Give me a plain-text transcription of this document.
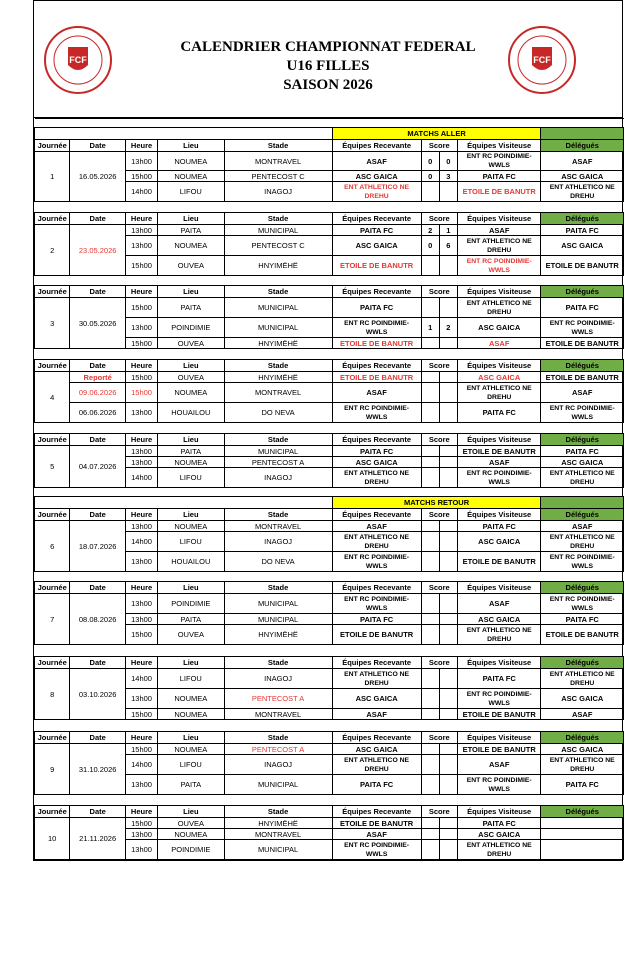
FCF
CALENDRIER CHAMPIONNAT FEDERAL
U16 FILLES
SAISON 2026
FCF

					MATCHS ALLER				
Journée	Date	Heure	Lieu	Stade	Équipes Recevante	Score		Équipes Visiteuse	Délégués
1	16.05.2026	13h00	NOUMEA	MONTRAVEL	ASAF	0	0	ENT RC POINDIMIE-WWLS	ASAF
		15h00	NOUMEA	PENTECOST C	ASC GAICA	0	3	PAITA FC	ASC GAICA
		14h00	LIFOU	INAGOJ	ENT ATHLETICO NE DREHU			ETOILE DE BANUTR	ENT ATHLETICO NE DREHU

Journée	Date	Heure	Lieu	Stade	Équipes Recevante	Score		Équipes Visiteuse	Délégués
2	23.05.2026	13h00	PAITA	MUNICIPAL	PAITA FC	2	1	ASAF	PAITA FC
		13h00	NOUMEA	PENTECOST C	ASC GAICA	0	6	ENT ATHLETICO NE DREHU	ASC GAICA
		15h00	OUVEA	HNYIMËHË	ETOILE DE BANUTR			ENT RC POINDIMIE-WWLS	ETOILE DE BANUTR

Journée	Date	Heure	Lieu	Stade	Équipes Recevante	Score		Équipes Visiteuse	Délégués
3	30.05.2026	15h00	PAITA	MUNICIPAL	PAITA FC			ENT ATHLETICO NE DREHU	PAITA FC
		13h00	POINDIMIE	MUNICIPAL	ENT RC POINDIMIE-WWLS	1	2	ASC GAICA	ENT RC POINDIMIE-WWLS
		15h00	OUVEA	HNYIMËHË	ETOILE DE BANUTR			ASAF	ETOILE DE BANUTR

Journée	Date	Heure	Lieu	Stade	Équipes Recevante	Score		Équipes Visiteuse	Délégués
4	Reporté	15h00	OUVEA	HNYIMËHË	ETOILE DE BANUTR			ASC GAICA	ETOILE DE BANUTR
	09.06.2026	15h00	NOUMEA	MONTRAVEL	ASAF			ENT ATHLETICO NE DREHU	ASAF
	06.06.2026	13h00	HOUAILOU	DO NEVA	ENT RC POINDIMIE-WWLS			PAITA FC	ENT RC POINDIMIE-WWLS

Journée	Date	Heure	Lieu	Stade	Équipes Recevante	Score		Équipes Visiteuse	Délégués
5	04.07.2026	13h00	PAITA	MUNICIPAL	PAITA FC			ETOILE DE BANUTR	PAITA FC
		13h00	NOUMEA	PENTECOST A	ASC GAICA			ASAF	ASC GAICA
		14h00	LIFOU	INAGOJ	ENT ATHLETICO NE DREHU			ENT RC POINDIMIE-WWLS	ENT ATHLETICO NE DREHU

					MATCHS RETOUR				
Journée	Date	Heure	Lieu	Stade	Équipes Recevante	Score		Équipes Visiteuse	Délégués
6	18.07.2026	13h00	NOUMEA	MONTRAVEL	ASAF			PAITA FC	ASAF
		14h00	LIFOU	INAGOJ	ENT ATHLETICO NE DREHU			ASC GAICA	ENT ATHLETICO NE DREHU
		13h00	HOUAILOU	DO NEVA	ENT RC POINDIMIE-WWLS			ETOILE DE BANUTR	ENT RC POINDIMIE-WWLS

Journée	Date	Heure	Lieu	Stade	Équipes Recevante	Score		Équipes Visiteuse	Délégués
7	08.08.2026	13h00	POINDIMIE	MUNICIPAL	ENT RC POINDIMIE-WWLS			ASAF	ENT RC POINDIMIE-WWLS
		13h00	PAITA	MUNICIPAL	PAITA FC			ASC GAICA	PAITA FC
		15h00	OUVEA	HNYIMËHË	ETOILE DE BANUTR			ENT ATHLETICO NE DREHU	ETOILE DE BANUTR

Journée	Date	Heure	Lieu	Stade	Équipes Recevante	Score		Équipes Visiteuse	Délégués
8	03.10.2026	14h00	LIFOU	INAGOJ	ENT ATHLETICO NE DREHU			PAITA FC	ENT ATHLETICO NE DREHU
		13h00	NOUMEA	PENTECOST A	ASC GAICA			ENT RC POINDIMIE-WWLS	ASC GAICA
		15h00	NOUMEA	MONTRAVEL	ASAF			ETOILE DE BANUTR	ASAF

Journée	Date	Heure	Lieu	Stade	Équipes Recevante	Score		Équipes Visiteuse	Délégués
9	31.10.2026	15h00	NOUMEA	PENTECOST A	ASC GAICA			ETOILE DE BANUTR	ASC GAICA
		14h00	LIFOU	INAGOJ	ENT ATHLETICO NE DREHU			ASAF	ENT ATHLETICO NE DREHU
		13h00	PAITA	MUNICIPAL	PAITA FC			ENT RC POINDIMIE-WWLS	PAITA FC

Journée	Date	Heure	Lieu	Stade	Équipes Recevante	Score		Équipes Visiteuse	Délégués
10	21.11.2026	15h00	OUVEA	HNYIMËHË	ETOILE DE BANUTR			PAITA FC	
		13h00	NOUMEA	MONTRAVEL	ASAF			ASC GAICA	
		13h00	POINDIMIE	MUNICIPAL	ENT RC POINDIMIE-WWLS			ENT ATHLETICO NE DREHU	
